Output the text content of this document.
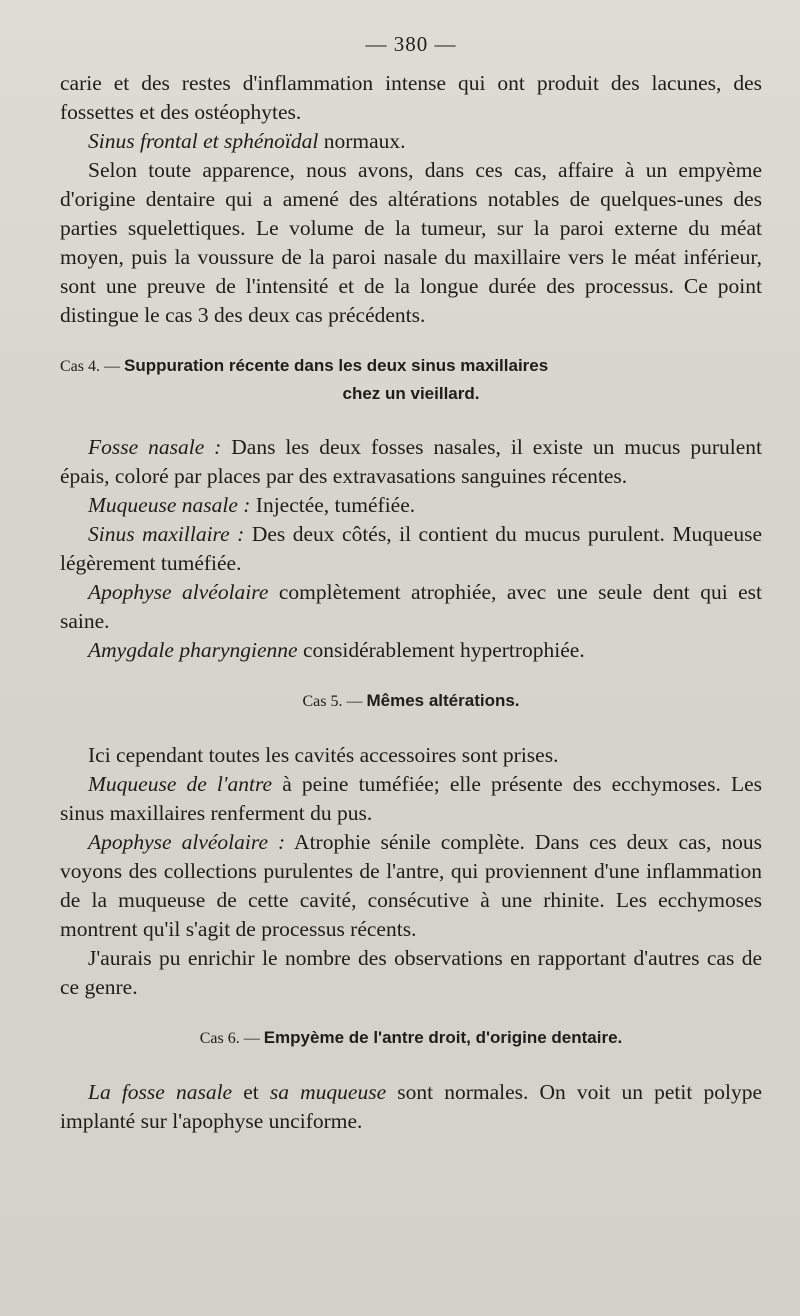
— 380 —

carie et des restes d'inflammation intense qui ont produit des lacunes, des fossettes et des ostéophytes.

Sinus frontal et sphénoïdal normaux.

Selon toute apparence, nous avons, dans ces cas, affaire à un empyème d'origine dentaire qui a amené des altérations notables de quelques-unes des parties squelettiques. Le volume de la tumeur, sur la paroi externe du méat moyen, puis la voussure de la paroi nasale du maxillaire vers le méat inférieur, sont une preuve de l'intensité et de la longue durée des processus. Ce point distingue le cas 3 des deux cas précédents.

Cas 4. — Suppuration récente dans les deux sinus maxillaires
chez un vieillard.

Fosse nasale : Dans les deux fosses nasales, il existe un mucus purulent épais, coloré par places par des extravasations sanguines récentes.

Muqueuse nasale : Injectée, tuméfiée.

Sinus maxillaire : Des deux côtés, il contient du mucus purulent. Muqueuse légèrement tuméfiée.

Apophyse alvéolaire complètement atrophiée, avec une seule dent qui est saine.

Amygdale pharyngienne considérablement hypertrophiée.

Cas 5. — Mêmes altérations.

Ici cependant toutes les cavités accessoires sont prises.

Muqueuse de l'antre à peine tuméfiée; elle présente des ecchymoses. Les sinus maxillaires renferment du pus.

Apophyse alvéolaire : Atrophie sénile complète. Dans ces deux cas, nous voyons des collections purulentes de l'antre, qui proviennent d'une inflammation de la muqueuse de cette cavité, consécutive à une rhinite. Les ecchymoses montrent qu'il s'agit de processus récents.

J'aurais pu enrichir le nombre des observations en rapportant d'autres cas de ce genre.

Cas 6. — Empyème de l'antre droit, d'origine dentaire.

La fosse nasale et sa muqueuse sont normales. On voit un petit polype implanté sur l'apophyse unciforme.
